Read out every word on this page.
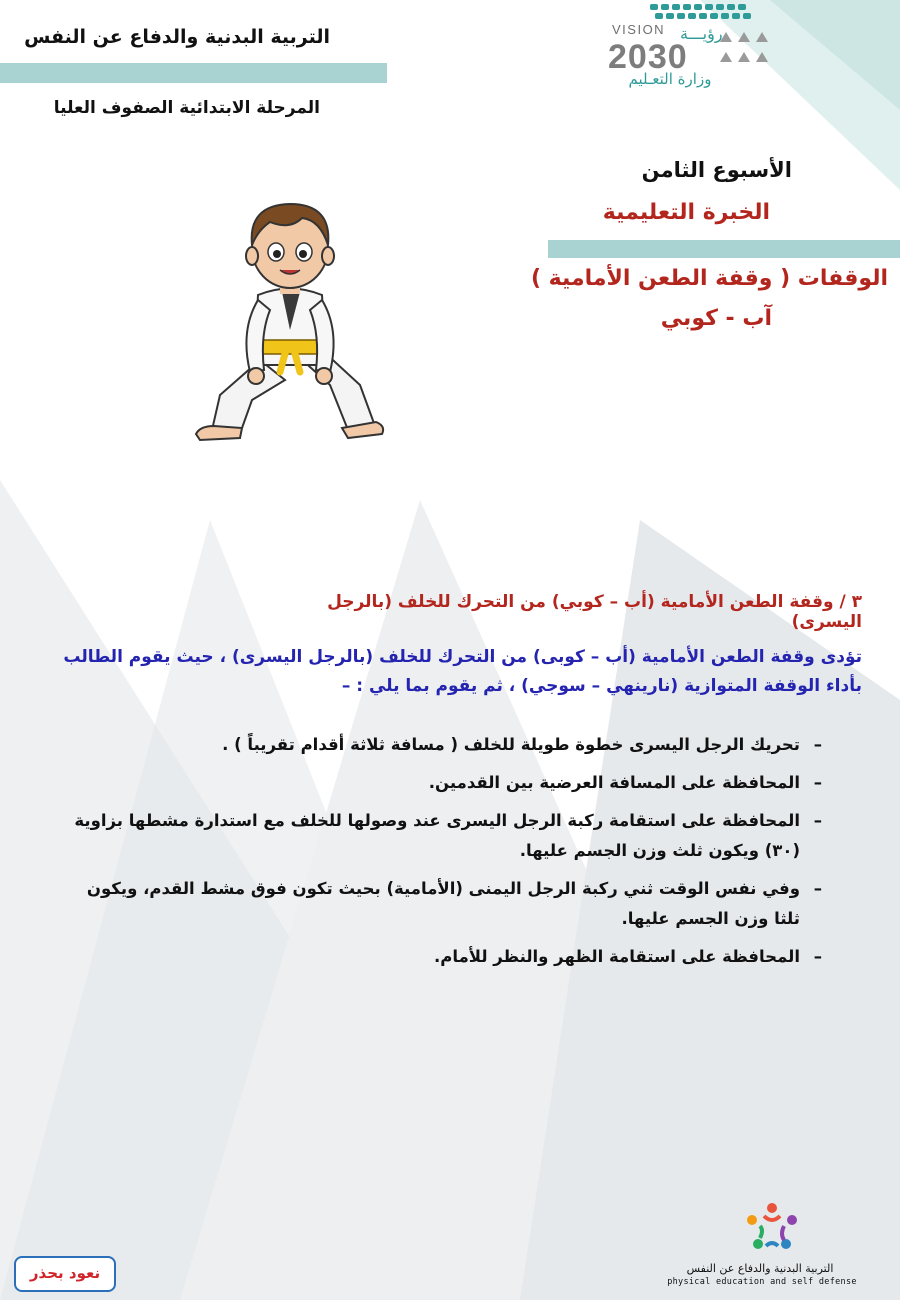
التربية البدنية والدفاع عن النفس
المرحلة الابتدائية الصفوف العليا
VISION رؤيـــة
2030
وزارة التعـليم
الأسبوع الثامن
الخبرة التعليمية
الوقفات ( وقفة الطعن الأمامية )
آب - كوبي
٣ / وقفة الطعن الأمامية (أب – كوبي) من التحرك للخلف (بالرجل اليسرى)
تؤدى وقفة الطعن الأمامية (أب – كوبى) من التحرك للخلف (بالرجل اليسرى) ، حيث يقوم الطالب بأداء الوقفة المتوازية (نارينهي – سوجي) ، ثم يقوم بما يلي : –
–
تحريك الرجل اليسرى خطوة طويلة للخلف ( مسافة ثلاثة أقدام تقريباً ) .
–
المحافظة على المسافة العرضية بين القدمين.
–
المحافظة على استقامة ركبة الرجل اليسرى عند وصولها للخلف مع استدارة مشطها بزاوية (٣٠) ويكون ثلث وزن الجسم عليها.
–
وفي نفس الوقت ثني ركبة الرجل اليمنى (الأمامية) بحيث تكون فوق مشط القدم، ويكون ثلثا وزن الجسم عليها.
–
المحافظة على استقامة الظهر والنظر للأمام.
التربية البدنية والدفاع عن النفس
physical education and self defense
نعود بحذر
